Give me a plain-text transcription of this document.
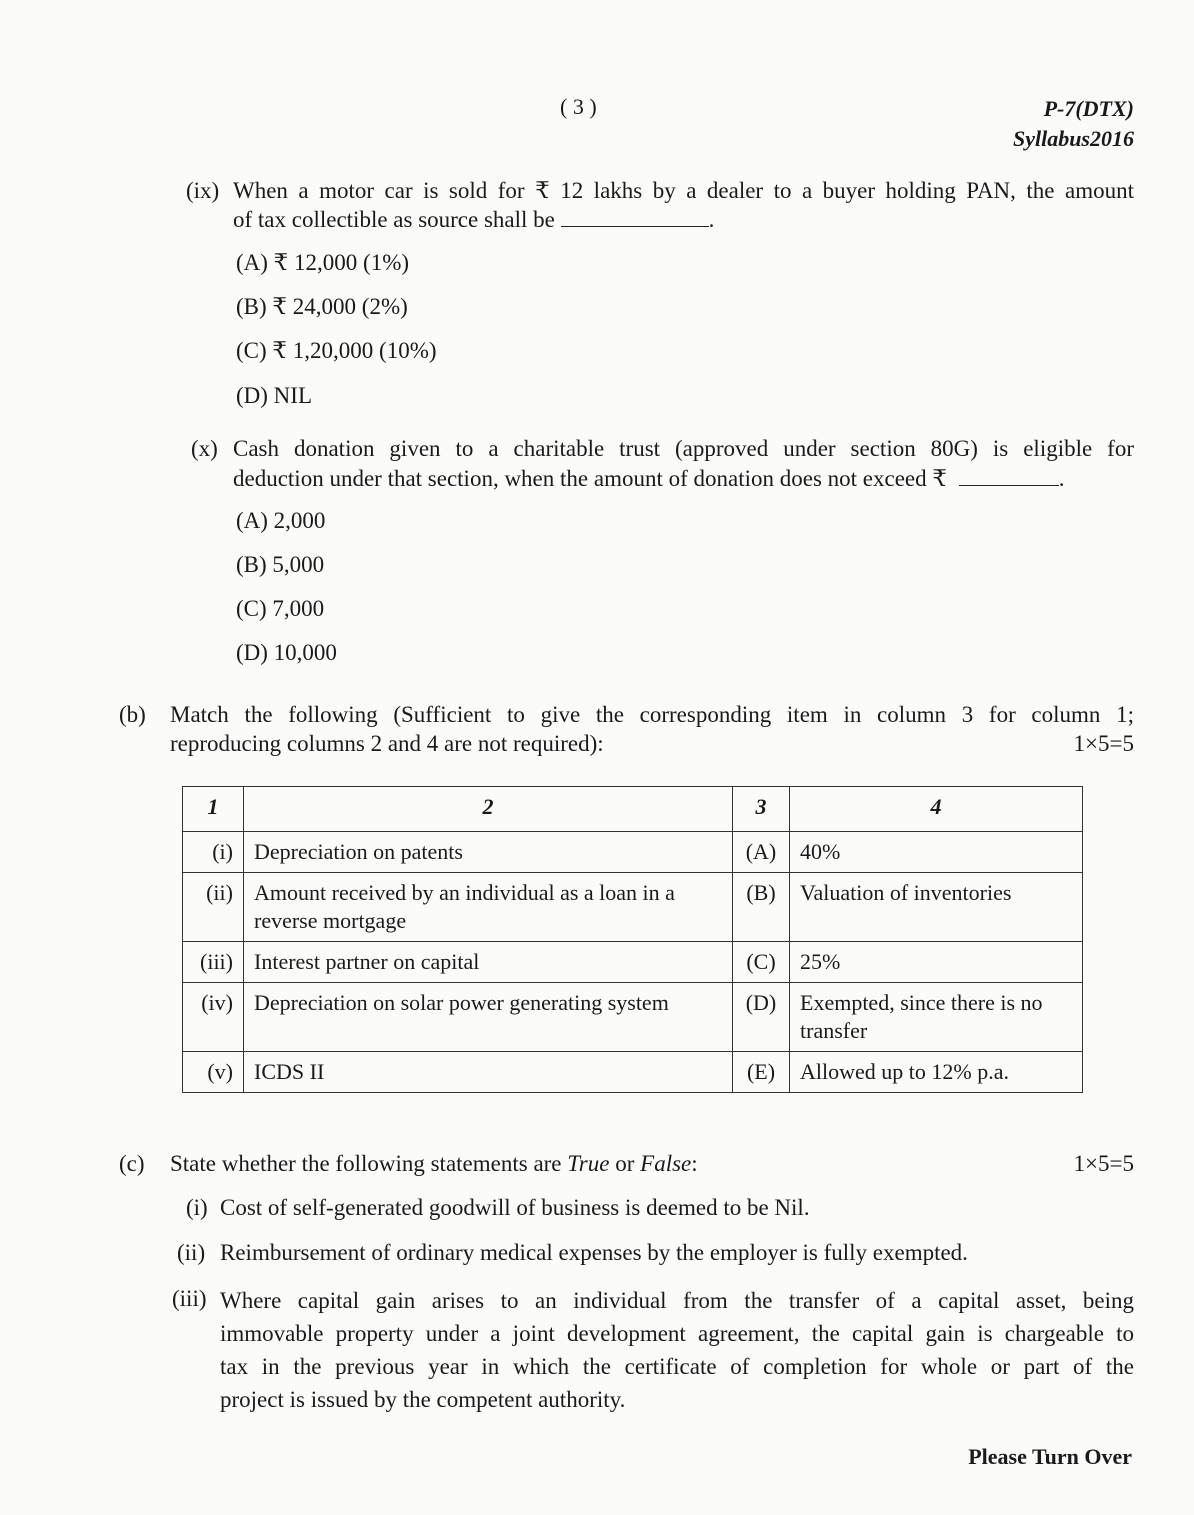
( 3 )	P-7(DTX)
Syllabus2016
(ix) When a motor car is sold for ₹ 12 lakhs by a dealer to a buyer holding PAN, the amount
of tax collectible as source shall be	.
(A) ₹ 12,000 (1%)
(B) ₹ 24,000 (2%)
(C) ₹ 1,20,000 (10%)
(D) NIL
(x) Cash donation given to a charitable trust (approved under section 80G) is eligible for
deduction under that section, when the amount of donation does not exceed ₹	.
(A) 2,000
(B) 5,000
(C) 7,000
(D) 10,000
(b) Match the following (Sufficient to give the corresponding item in column 3 for column 1;
reproducing columns 2 and 4 are not required):	1×5=5
1	2	3	4
(i)	Depreciation on patents	(A)	40%
(ii)	Amount received by an individual as a loan in a reverse mortgage	(B)	Valuation of inventories
(iii)	Interest partner on capital	(C)	25%
(iv)	Depreciation on solar power generating system	(D)	Exempted, since there is no transfer
(v)	ICDS II	(E)	Allowed up to 12% p.a.
(c) State whether the following statements are True or False:	1×5=5
(i) Cost of self-generated goodwill of business is deemed to be Nil.
(ii) Reimbursement of ordinary medical expenses by the employer is fully exempted.
(iii) Where capital gain arises to an individual from the transfer of a capital asset, being
immovable property under a joint development agreement, the capital gain is chargeable to
tax in the previous year in which the certificate of completion for whole or part of the
project is issued by the competent authority.
Please Turn Over
